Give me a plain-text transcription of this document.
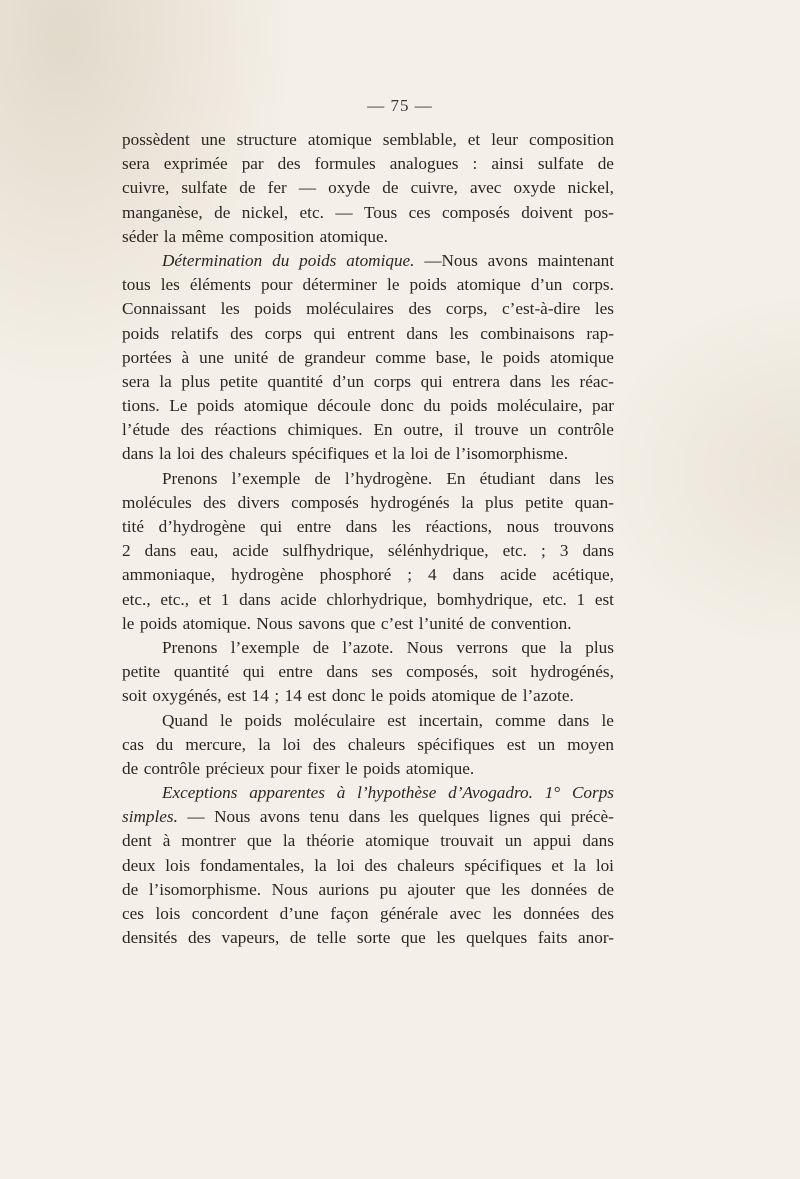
— 75 —
possèdent une structure atomique semblable, et leur composition
sera exprimée par des formules analogues : ainsi sulfate de
cuivre, sulfate de fer — oxyde de cuivre, avec oxyde nickel,
manganèse, de nickel, etc. — Tous ces composés doivent pos-
séder la même composition atomique.
Détermination du poids atomique. —Nous avons maintenant
tous les éléments pour déterminer le poids atomique d’un corps.
Connaissant les poids moléculaires des corps, c’est-à-dire les
poids relatifs des corps qui entrent dans les combinaisons rap-
portées à une unité de grandeur comme base, le poids atomique
sera la plus petite quantité d’un corps qui entrera dans les réac-
tions. Le poids atomique découle donc du poids moléculaire, par
l’étude des réactions chimiques. En outre, il trouve un contrôle
dans la loi des chaleurs spécifiques et la loi de l’isomorphisme.
Prenons l’exemple de l’hydrogène. En étudiant dans les
molécules des divers composés hydrogénés la plus petite quan-
tité d’hydrogène qui entre dans les réactions, nous trouvons
2 dans eau, acide sulfhydrique, sélénhydrique, etc. ; 3 dans
ammoniaque, hydrogène phosphoré ; 4 dans acide acétique,
etc., etc., et 1 dans acide chlorhydrique, bomhydrique, etc. 1 est
le poids atomique. Nous savons que c’est l’unité de convention.
Prenons l’exemple de l’azote. Nous verrons que la plus
petite quantité qui entre dans ses composés, soit hydrogénés,
soit oxygénés, est 14 ; 14 est donc le poids atomique de l’azote.
Quand le poids moléculaire est incertain, comme dans le
cas du mercure, la loi des chaleurs spécifiques est un moyen
de contrôle précieux pour fixer le poids atomique.
Exceptions apparentes à l’hypothèse d’Avogadro. 1° Corps
simples. — Nous avons tenu dans les quelques lignes qui précè-
dent à montrer que la théorie atomique trouvait un appui dans
deux lois fondamentales, la loi des chaleurs spécifiques et la loi
de l’isomorphisme. Nous aurions pu ajouter que les données de
ces lois concordent d’une façon générale avec les données des
densités des vapeurs, de telle sorte que les quelques faits anor-
